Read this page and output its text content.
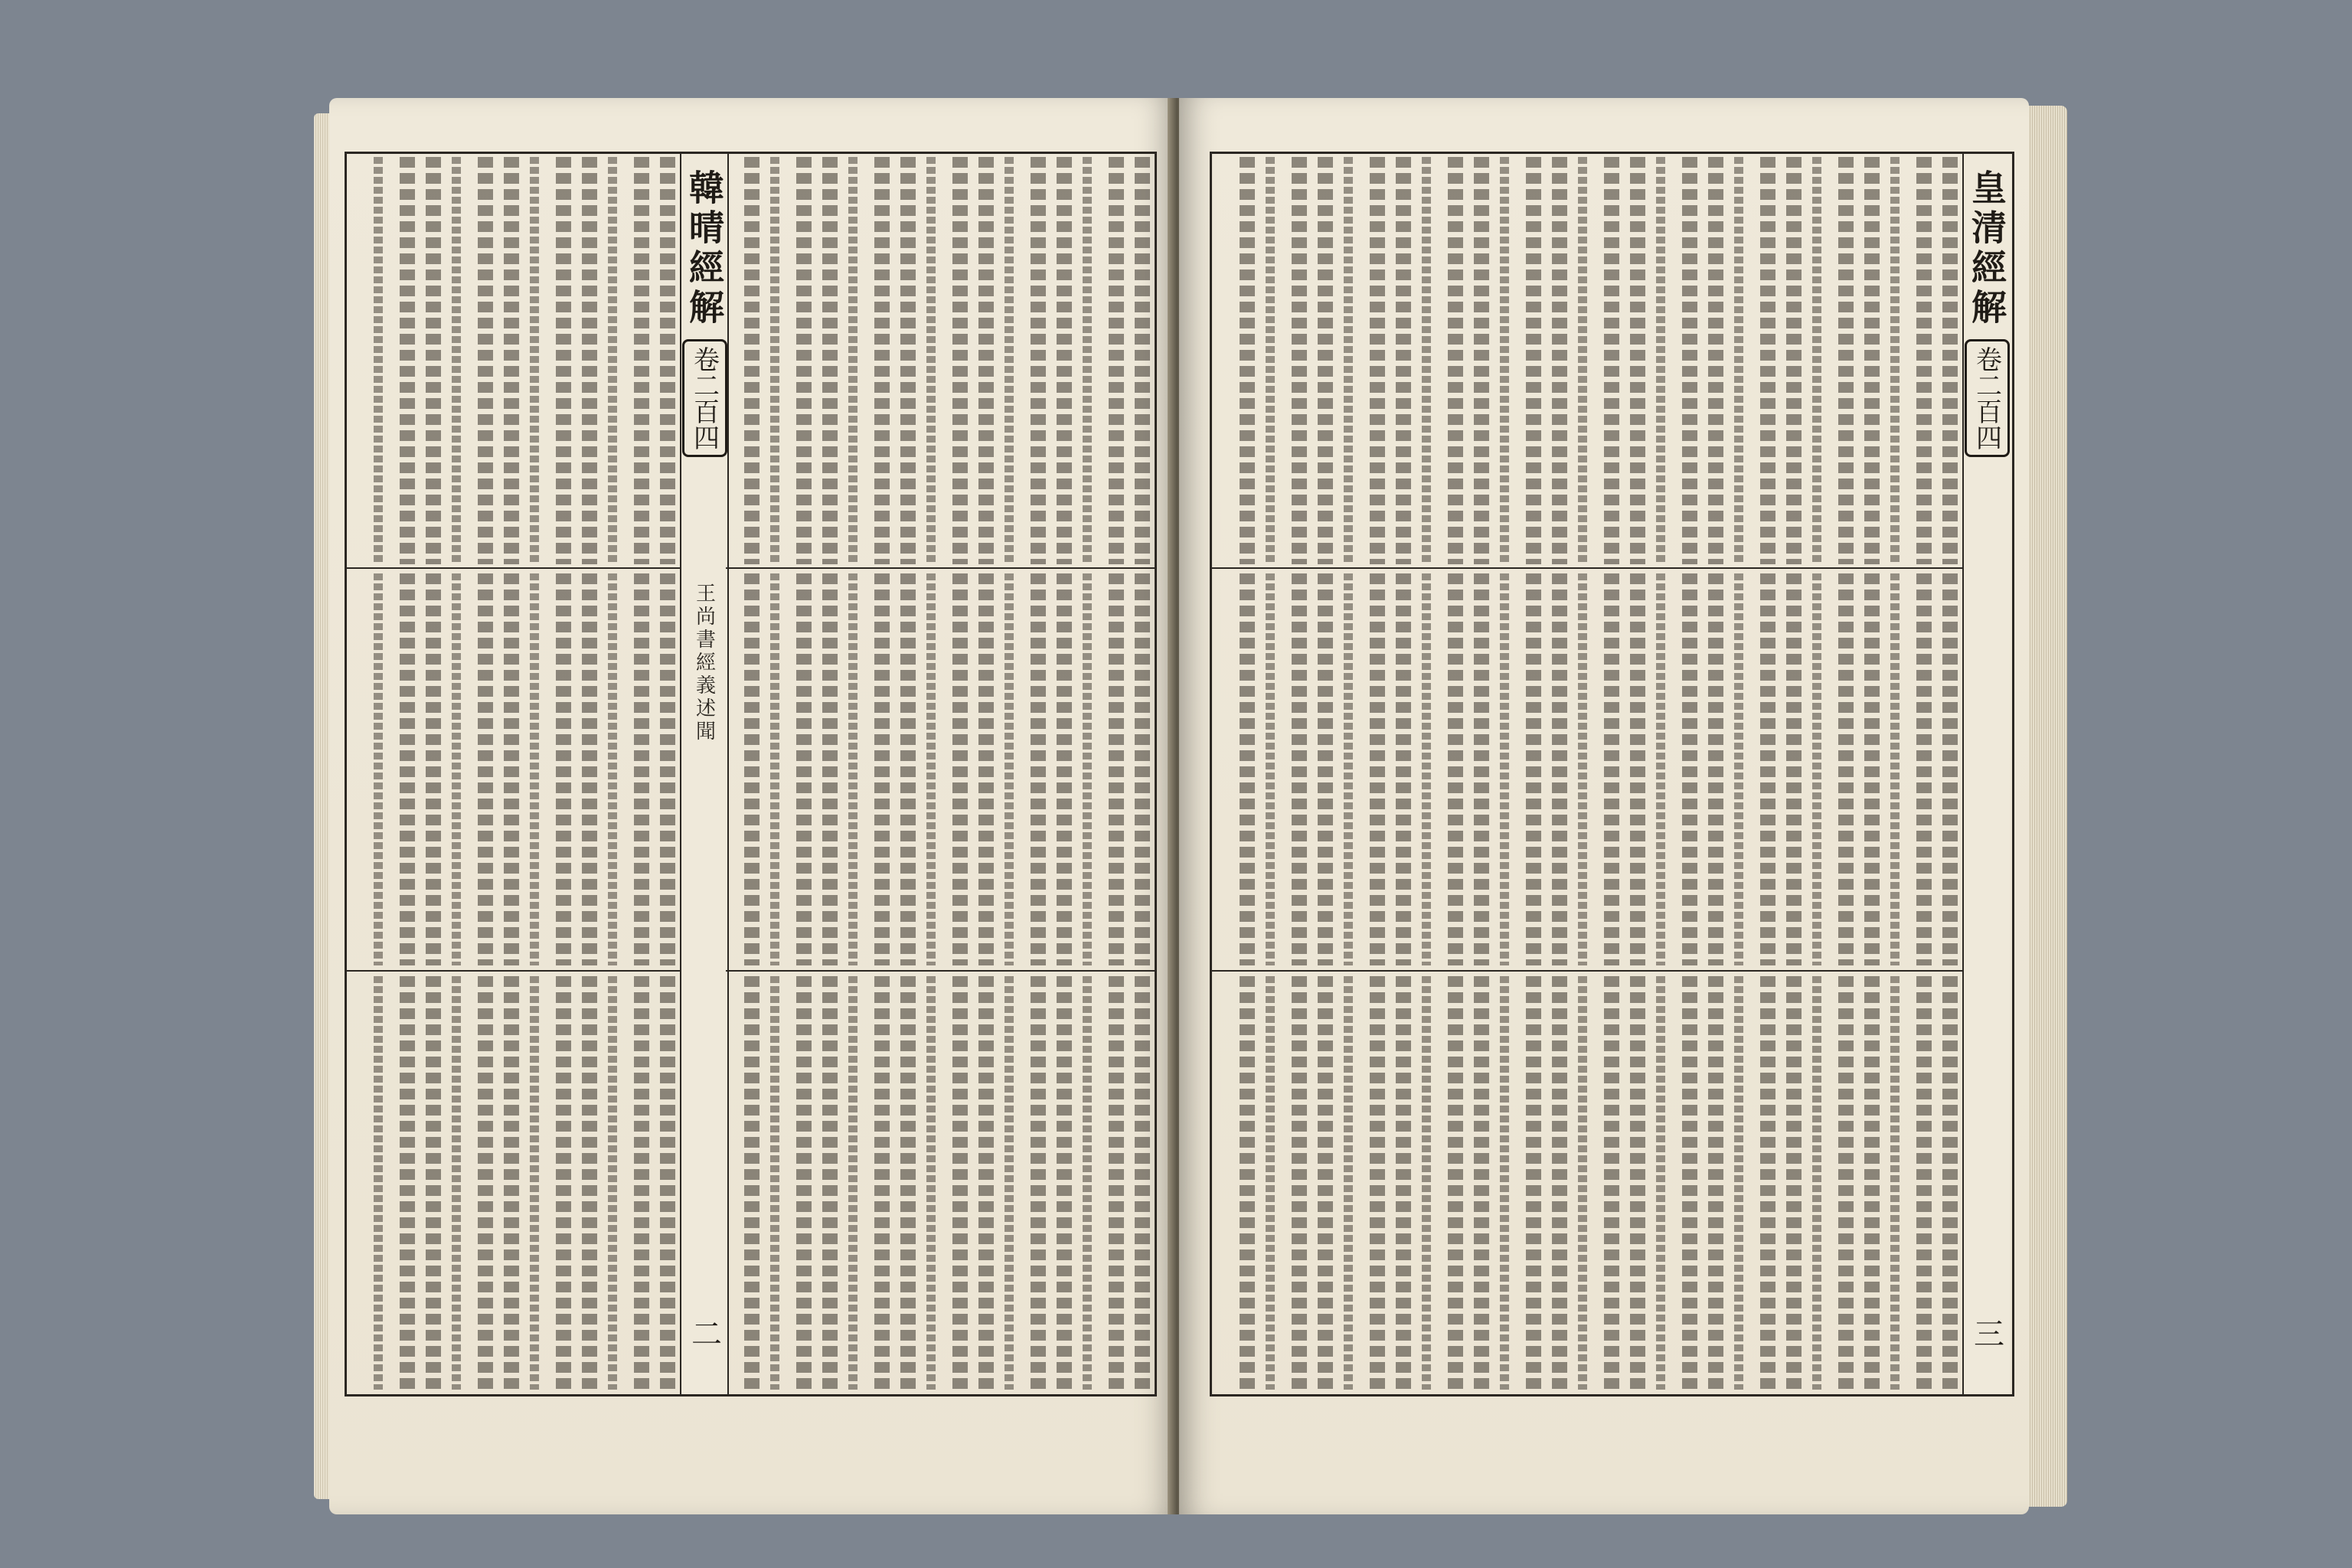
韓晴經解
卷二百四
王尚書經義述聞
二
皇清經解
卷二百四
三
